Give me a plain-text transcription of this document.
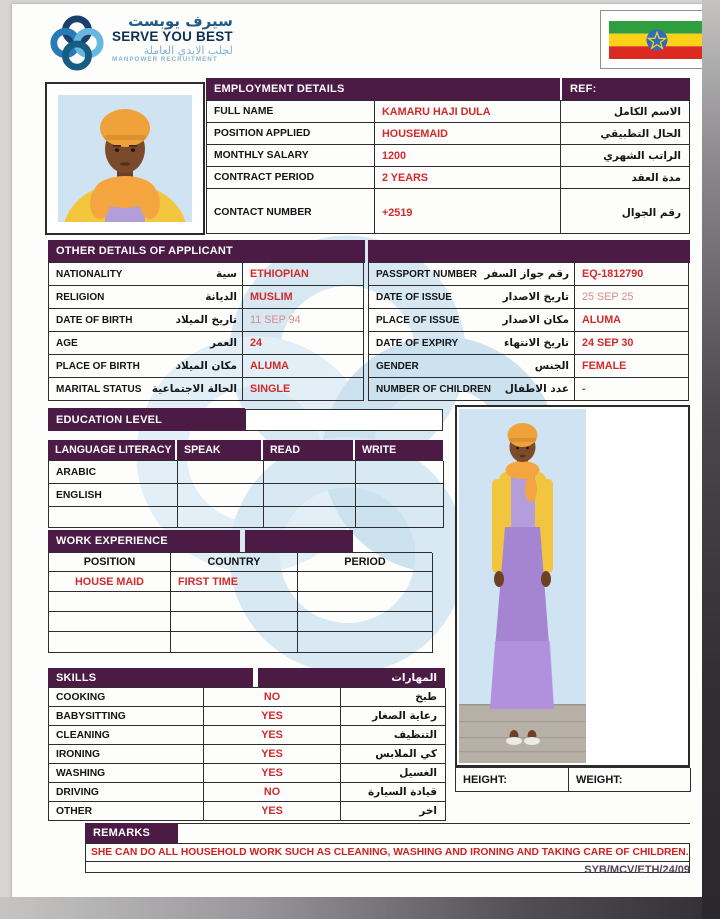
سيرف يوبست
SERVE YOU BEST
لجلب الايدي العاملة
MANPOWER RECRUITMENT
EMPLOYMENT DETAILS	REF:
FULL NAME	KAMARU HAJI DULA	الاسم الكامل
POSITION APPLIED	HOUSEMAID	الحال التطبيقي
MONTHLY SALARY	1200	الراتب الشهري
CONTRACT PERIOD	2 YEARS	مدة العقد
CONTACT NUMBER	+2519	رقم الجوال
OTHER DETAILS OF APPLICANT
NATIONALITY	سية	ETHIOPIAN
RELIGION	الديانة	MUSLIM
DATE OF BIRTH	تاريخ الميلاد	11 SEP 94
AGE	العمر	24
PLACE OF BIRTH	مكان الميلاد	ALUMA
MARITAL STATUS الحالة الاجتماعية	SINGLE
PASSPORT NUMBER رقم جواز السفر	EQ-1812790
DATE OF ISSUE	تاريخ الاصدار	25 SEP 25
PLACE OF ISSUE	مكان الاصدار	ALUMA
DATE OF EXPIRY	تاريخ الانتهاء	24 SEP 30
GENDER	الجنس	FEMALE
NUMBER OF CHILDREN عدد الاطفال	-
EDUCATION LEVEL
LANGUAGE LITERACY	SPEAK	READ	WRITE
ARABIC
ENGLISH
WORK EXPERIENCE
POSITION	COUNTRY	PERIOD
HOUSE MAID	FIRST TIME
SKILLS	المهارات
COOKING	NO	طبخ
BABYSITTING	YES	رعاية الصغار
CLEANING	YES	التنظيف
IRONING	YES	كي الملابس
WASHING	YES	الغسيل
DRIVING	NO	قيادة السيارة
OTHER	YES	اخر
HEIGHT:	WEIGHT:
REMARKS
SHE CAN DO ALL HOUSEHOLD WORK SUCH AS CLEANING, WASHING AND IRONING AND TAKING CARE OF CHILDREN.
SYB/MCV/ETH/24/09
